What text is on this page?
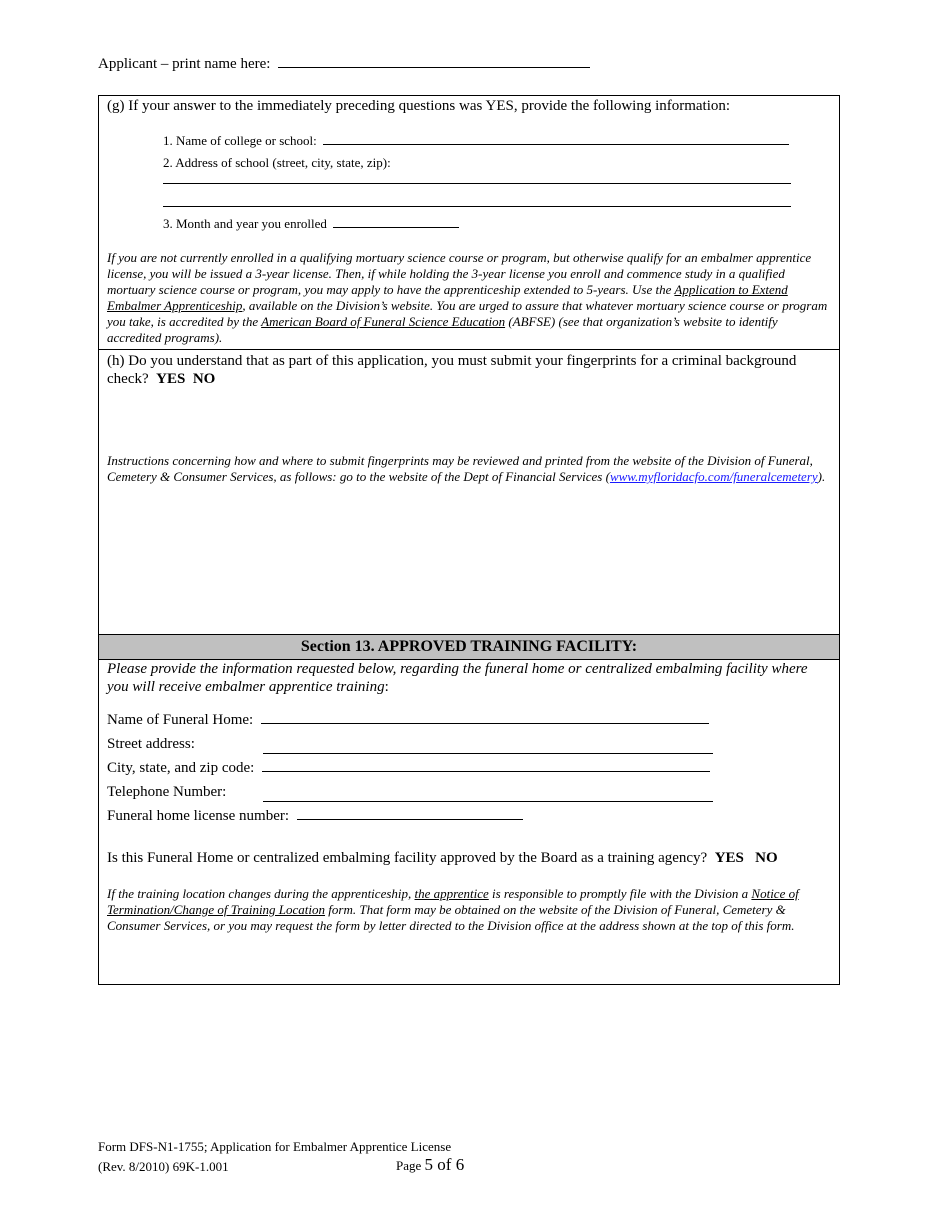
Applicant – print name here:
(g) If your answer to the immediately preceding questions was YES, provide the following information:
1. Name of college or school:
2. Address of school (street, city, state, zip):
3. Month and year you enrolled
If you are not currently enrolled in a qualifying mortuary science course or program, but otherwise qualify for an embalmer apprentice license, you will be issued a 3-year license. Then, if while holding the 3-year license you enroll and commence study in a qualified mortuary science course or program, you may apply to have the apprenticeship extended to 5-years. Use the Application to Extend Embalmer Apprenticeship, available on the Division’s website. You are urged to assure that whatever mortuary science course or program you take, is accredited by the American Board of Funeral Science Education (ABFSE) (see that organization’s website to identify accredited programs).
(h) Do you understand that as part of this application, you must submit your fingerprints for a criminal background check? YES NO
Instructions concerning how and where to submit fingerprints may be reviewed and printed from the website of the Division of Funeral, Cemetery & Consumer Services, as follows: go to the website of the Dept of Financial Services (www.myfloridacfo.com/funeralcemetery).
Section 13. APPROVED TRAINING FACILITY:
Please provide the information requested below, regarding the funeral home or centralized embalming facility where you will receive embalmer apprentice training:
Name of Funeral Home:
Street address:
City, state, and zip code:
Telephone Number:
Funeral home license number:
Is this Funeral Home or centralized embalming facility approved by the Board as a training agency? YES NO
If the training location changes during the apprenticeship, the apprentice is responsible to promptly file with the Division a Notice of Termination/Change of Training Location form. That form may be obtained on the website of the Division of Funeral, Cemetery & Consumer Services, or you may request the form by letter directed to the Division office at the address shown at the top of this form.
Form DFS-N1-1755; Application for Embalmer Apprentice License
(Rev. 8/2010) 69K-1.001	Page 5 of 6
